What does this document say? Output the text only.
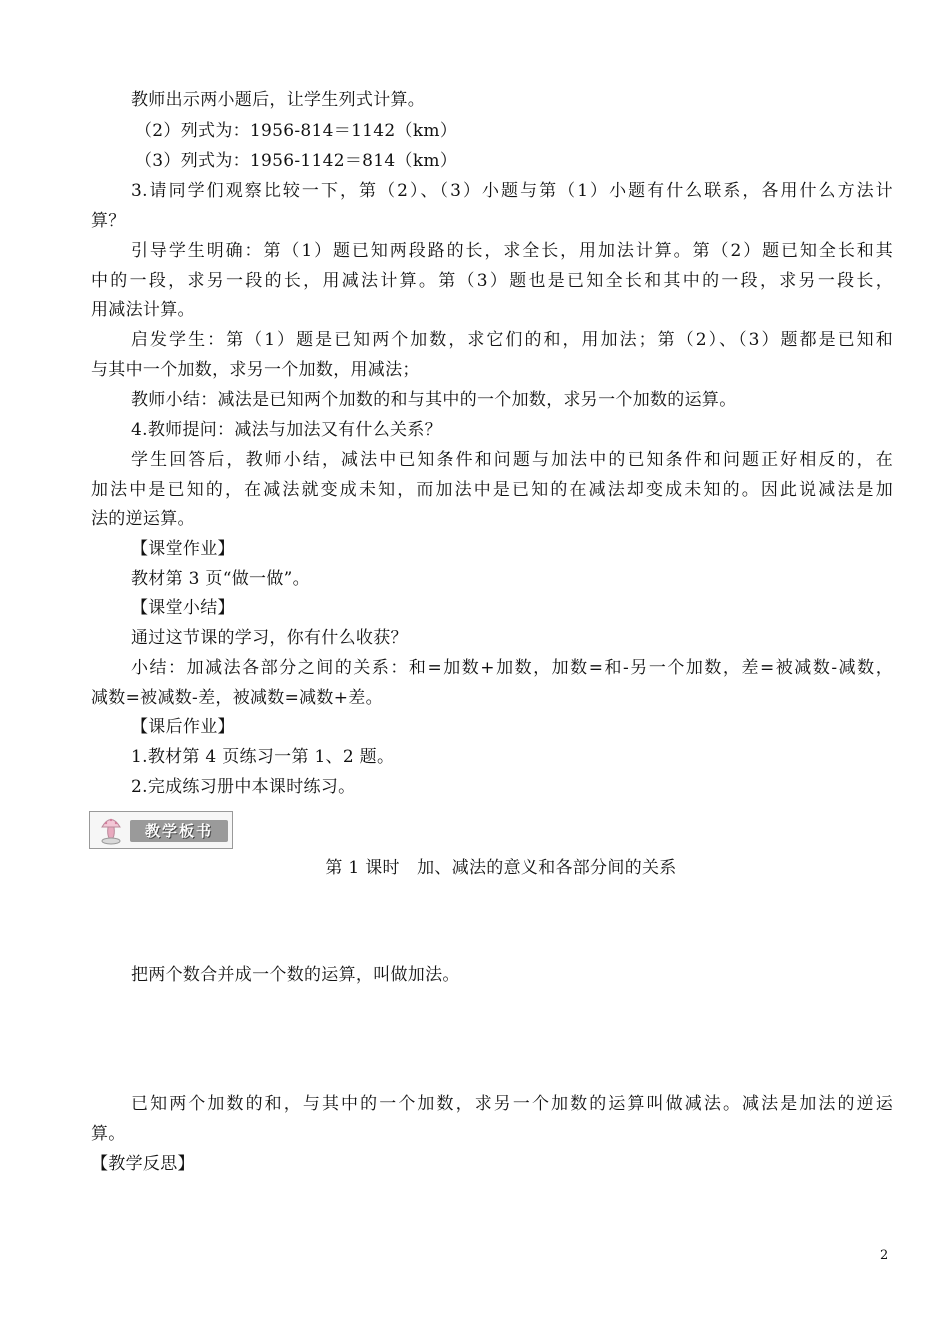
教师出示两小题后，让学生列式计算。
（2）列式为：1956-814＝1142（km）
（3）列式为：1956-1142＝814（km）
3.请同学们观察比较一下，第（2）、（3）小题与第（1）小题有什么联系，各用什么方法计
算？
引导学生明确：第（1）题已知两段路的长，求全长，用加法计算。第（2）题已知全长和其
中的一段，求另一段的长，用减法计算。第（3）题也是已知全长和其中的一段，求另一段长，
用减法计算。
启发学生：第（1）题是已知两个加数，求它们的和，用加法；第（2）、（3）题都是已知和
与其中一个加数，求另一个加数，用减法；
教师小结：减法是已知两个加数的和与其中的一个加数，求另一个加数的运算。
4.教师提问：减法与加法又有什么关系？
学生回答后，教师小结，减法中已知条件和问题与加法中的已知条件和问题正好相反的，在
加法中是已知的，在减法就变成未知，而加法中是已知的在减法却变成未知的。因此说减法是加
法的逆运算。
【课堂作业】
教材第 3 页“做一做”。
【课堂小结】
通过这节课的学习，你有什么收获？
小结：加减法各部分之间的关系：和=加数+加数，加数=和-另一个加数，差=被减数-减数，
减数=被减数-差，被减数=减数+差。
【课后作业】
1.教材第 4 页练习一第 1、2 题。
2.完成练习册中本课时练习。
教学板书
第 1 课时　加、减法的意义和各部分间的关系
把两个数合并成一个数的运算，叫做加法。
已知两个加数的和，与其中的一个加数，求另一个加数的运算叫做减法。减法是加法的逆运
算。
【教学反思】
2
